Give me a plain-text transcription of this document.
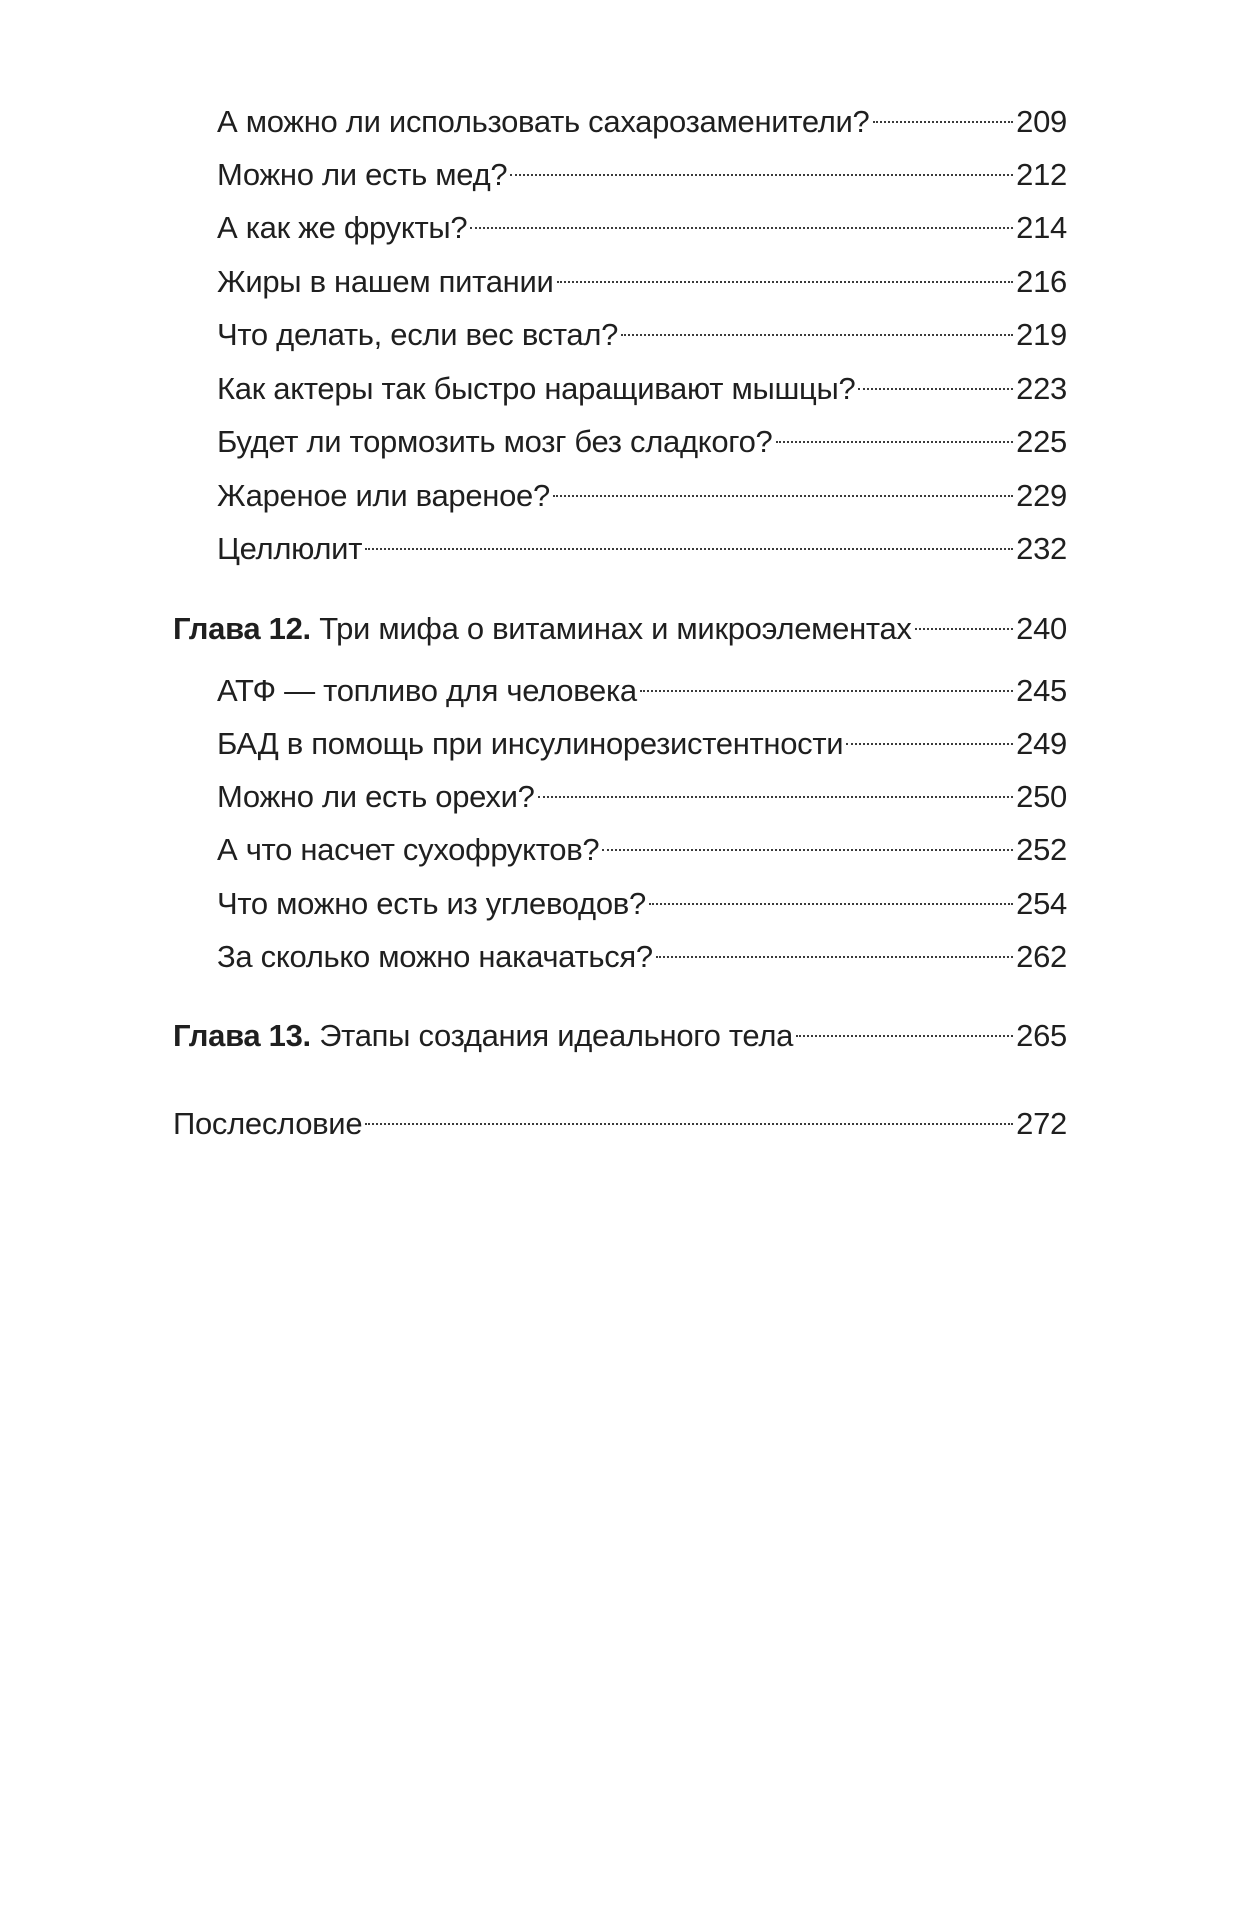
А можно ли использовать сахарозаменители?	209
Можно ли есть мед?	212
А как же фрукты?	214
Жиры в нашем питании	216
Что делать, если вес встал?	219
Как актеры так быстро наращивают мышцы?	223
Будет ли тормозить мозг без сладкого?	225
Жареное или вареное?	229
Целлюлит	232
Глава 12. Три мифа о витаминах и микроэлементах	240
АТФ — топливо для человека	245
БАД в помощь при инсулинорезистентности	249
Можно ли есть орехи?	250
А что насчет сухофруктов?	252
Что можно есть из углеводов?	254
За сколько можно накачаться?	262
Глава 13. Этапы создания идеального тела	265
Послесловие	272
